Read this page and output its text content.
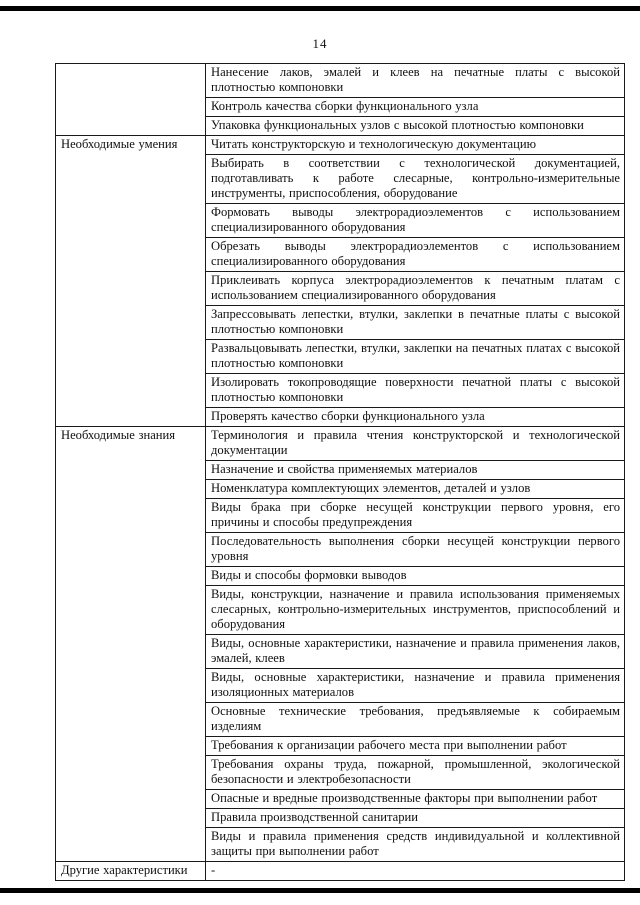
14
	Нанесение лаков, эмалей и клеев на печатные платы с высокой плотностью компоновки
	Контроль качества сборки функционального узла
	Упаковка функциональных узлов с высокой плотностью компоновки
Необходимые умения	Читать конструкторскую и технологическую документацию
	Выбирать в соответствии с технологической документацией, подготавливать к работе слесарные, контрольно-измерительные инструменты, приспособления, оборудование
	Формовать выводы электрорадиоэлементов с использованием специализированного оборудования
	Обрезать выводы электрорадиоэлементов с использованием специализированного оборудования
	Приклеивать корпуса электрорадиоэлементов к печатным платам с использованием специализированного оборудования
	Запрессовывать лепестки, втулки, заклепки в печатные платы с высокой плотностью компоновки
	Развальцовывать лепестки, втулки, заклепки на печатных платах с высокой плотностью компоновки
	Изолировать токопроводящие поверхности печатной платы с высокой плотностью компоновки
	Проверять качество сборки функционального узла
Необходимые знания	Терминология и правила чтения конструкторской и технологической документации
	Назначение и свойства применяемых материалов
	Номенклатура комплектующих элементов, деталей и узлов
	Виды брака при сборке несущей конструкции первого уровня, его причины и способы предупреждения
	Последовательность выполнения сборки несущей конструкции первого уровня
	Виды и способы формовки выводов
	Виды, конструкции, назначение и правила использования применяемых слесарных, контрольно-измерительных инструментов, приспособлений и оборудования
	Виды, основные характеристики, назначение и правила применения лаков, эмалей, клеев
	Виды, основные характеристики, назначение и правила применения изоляционных материалов
	Основные технические требования, предъявляемые к собираемым изделиям
	Требования к организации рабочего места при выполнении работ
	Требования охраны труда, пожарной, промышленной, экологической безопасности и электробезопасности
	Опасные и вредные производственные факторы при выполнении работ
	Правила производственной санитарии
	Виды и правила применения средств индивидуальной и коллективной защиты при выполнении работ
Другие характеристики	-
